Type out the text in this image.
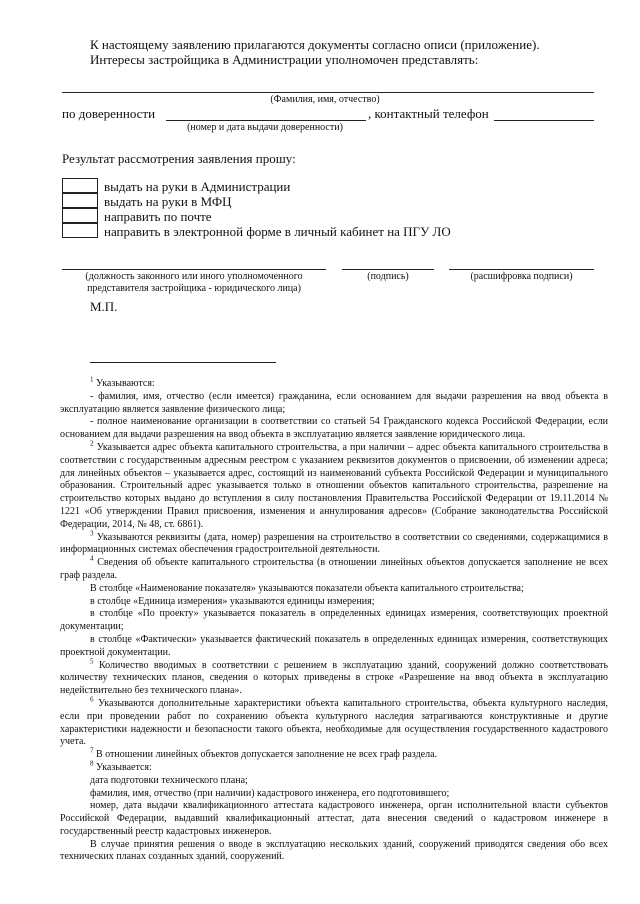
К настоящему заявлению прилагаются документы согласно описи (приложение).
Интересы застройщика в Администрации уполномочен представлять:
(Фамилия, имя, отчество)
по доверенности	, контактный телефон
(номер и дата выдачи доверенности)
Результат рассмотрения заявления прошу:
выдать на руки в Администрации
выдать на руки в МФЦ
направить по почте
направить в электронной форме в личный кабинет на ПГУ ЛО
(должность законного или иного уполномоченного представителя застройщика - юридического лица)
(подпись)	(расшифровка подписи)
М.П.

$^1$ Указываются:

- фамилия, имя, отчество (если имеется) гражданина, если основанием для выдачи разрешения на ввод объекта в эксплуатацию является заявление физического лица;

- полное наименование организации в соответствии со статьей 54 Гражданского кодекса Российской Федерации, если основанием для выдачи разрешения на ввод объекта в эксплуатацию является заявление юридического лица.

$^2$ Указывается адрес объекта капитального строительства, а при наличии – адрес объекта капитального строительства в соответствии с государственным адресным реестром с указанием реквизитов документов о присвоении, об изменении адреса; для линейных объектов – указывается адрес, состоящий из наименований субъекта Российской Федерации и муниципального образования. Строительный адрес указывается только в отношении объектов капитального строительства, разрешение на строительство которых выдано до вступления в силу постановления Правительства Российской Федерации от 19.11.2014 № 1221 «Об утверждении Правил присвоения, изменения и аннулирования адресов» (Собрание законодательства Российской Федерации, 2014, № 48, ст. 6861).

$^3$ Указываются реквизиты (дата, номер) разрешения на строительство в соответствии со сведениями, содержащимися в информационных системах обеспечения градостроительной деятельности.

$^4$ Сведения об объекте капитального строительства (в отношении линейных объектов допускается заполнение не всех граф раздела.

В столбце «Наименование показателя» указываются показатели объекта капитального строительства;

в столбце «Единица измерения» указываются единицы измерения;

в столбце «По проекту» указывается показатель в определенных единицах измерения, соответствующих проектной документации;

в столбце «Фактически» указывается фактический показатель в определенных единицах измерения, соответствующих проектной документации.

$^5$ Количество вводимых в соответствии с решением в эксплуатацию зданий, сооружений должно соответствовать количеству технических планов, сведения о которых приведены в строке «Разрешение на ввод объекта в эксплуатацию недействительно без технического плана».

$^6$ Указываются дополнительные характеристики объекта капитального строительства, объекта культурного наследия, если при проведении работ по сохранению объекта культурного наследия затрагиваются конструктивные и другие характеристики надежности и безопасности такого объекта, необходимые для осуществления государственного кадастрового учета.

$^7$ В отношении линейных объектов допускается заполнение не всех граф раздела.

$^8$ Указывается:

дата подготовки технического плана;

фамилия, имя, отчество (при наличии) кадастрового инженера, его подготовившего;

номер, дата выдачи квалификационного аттестата кадастрового инженера, орган исполнительной власти субъектов Российской Федерации, выдавший квалификационный аттестат, дата внесения сведений о кадастровом инженере в государственный реестр кадастровых инженеров.

В случае принятия решения о вводе в эксплуатацию нескольких зданий, сооружений приводятся сведения обо всех технических планах созданных зданий, сооружений.
